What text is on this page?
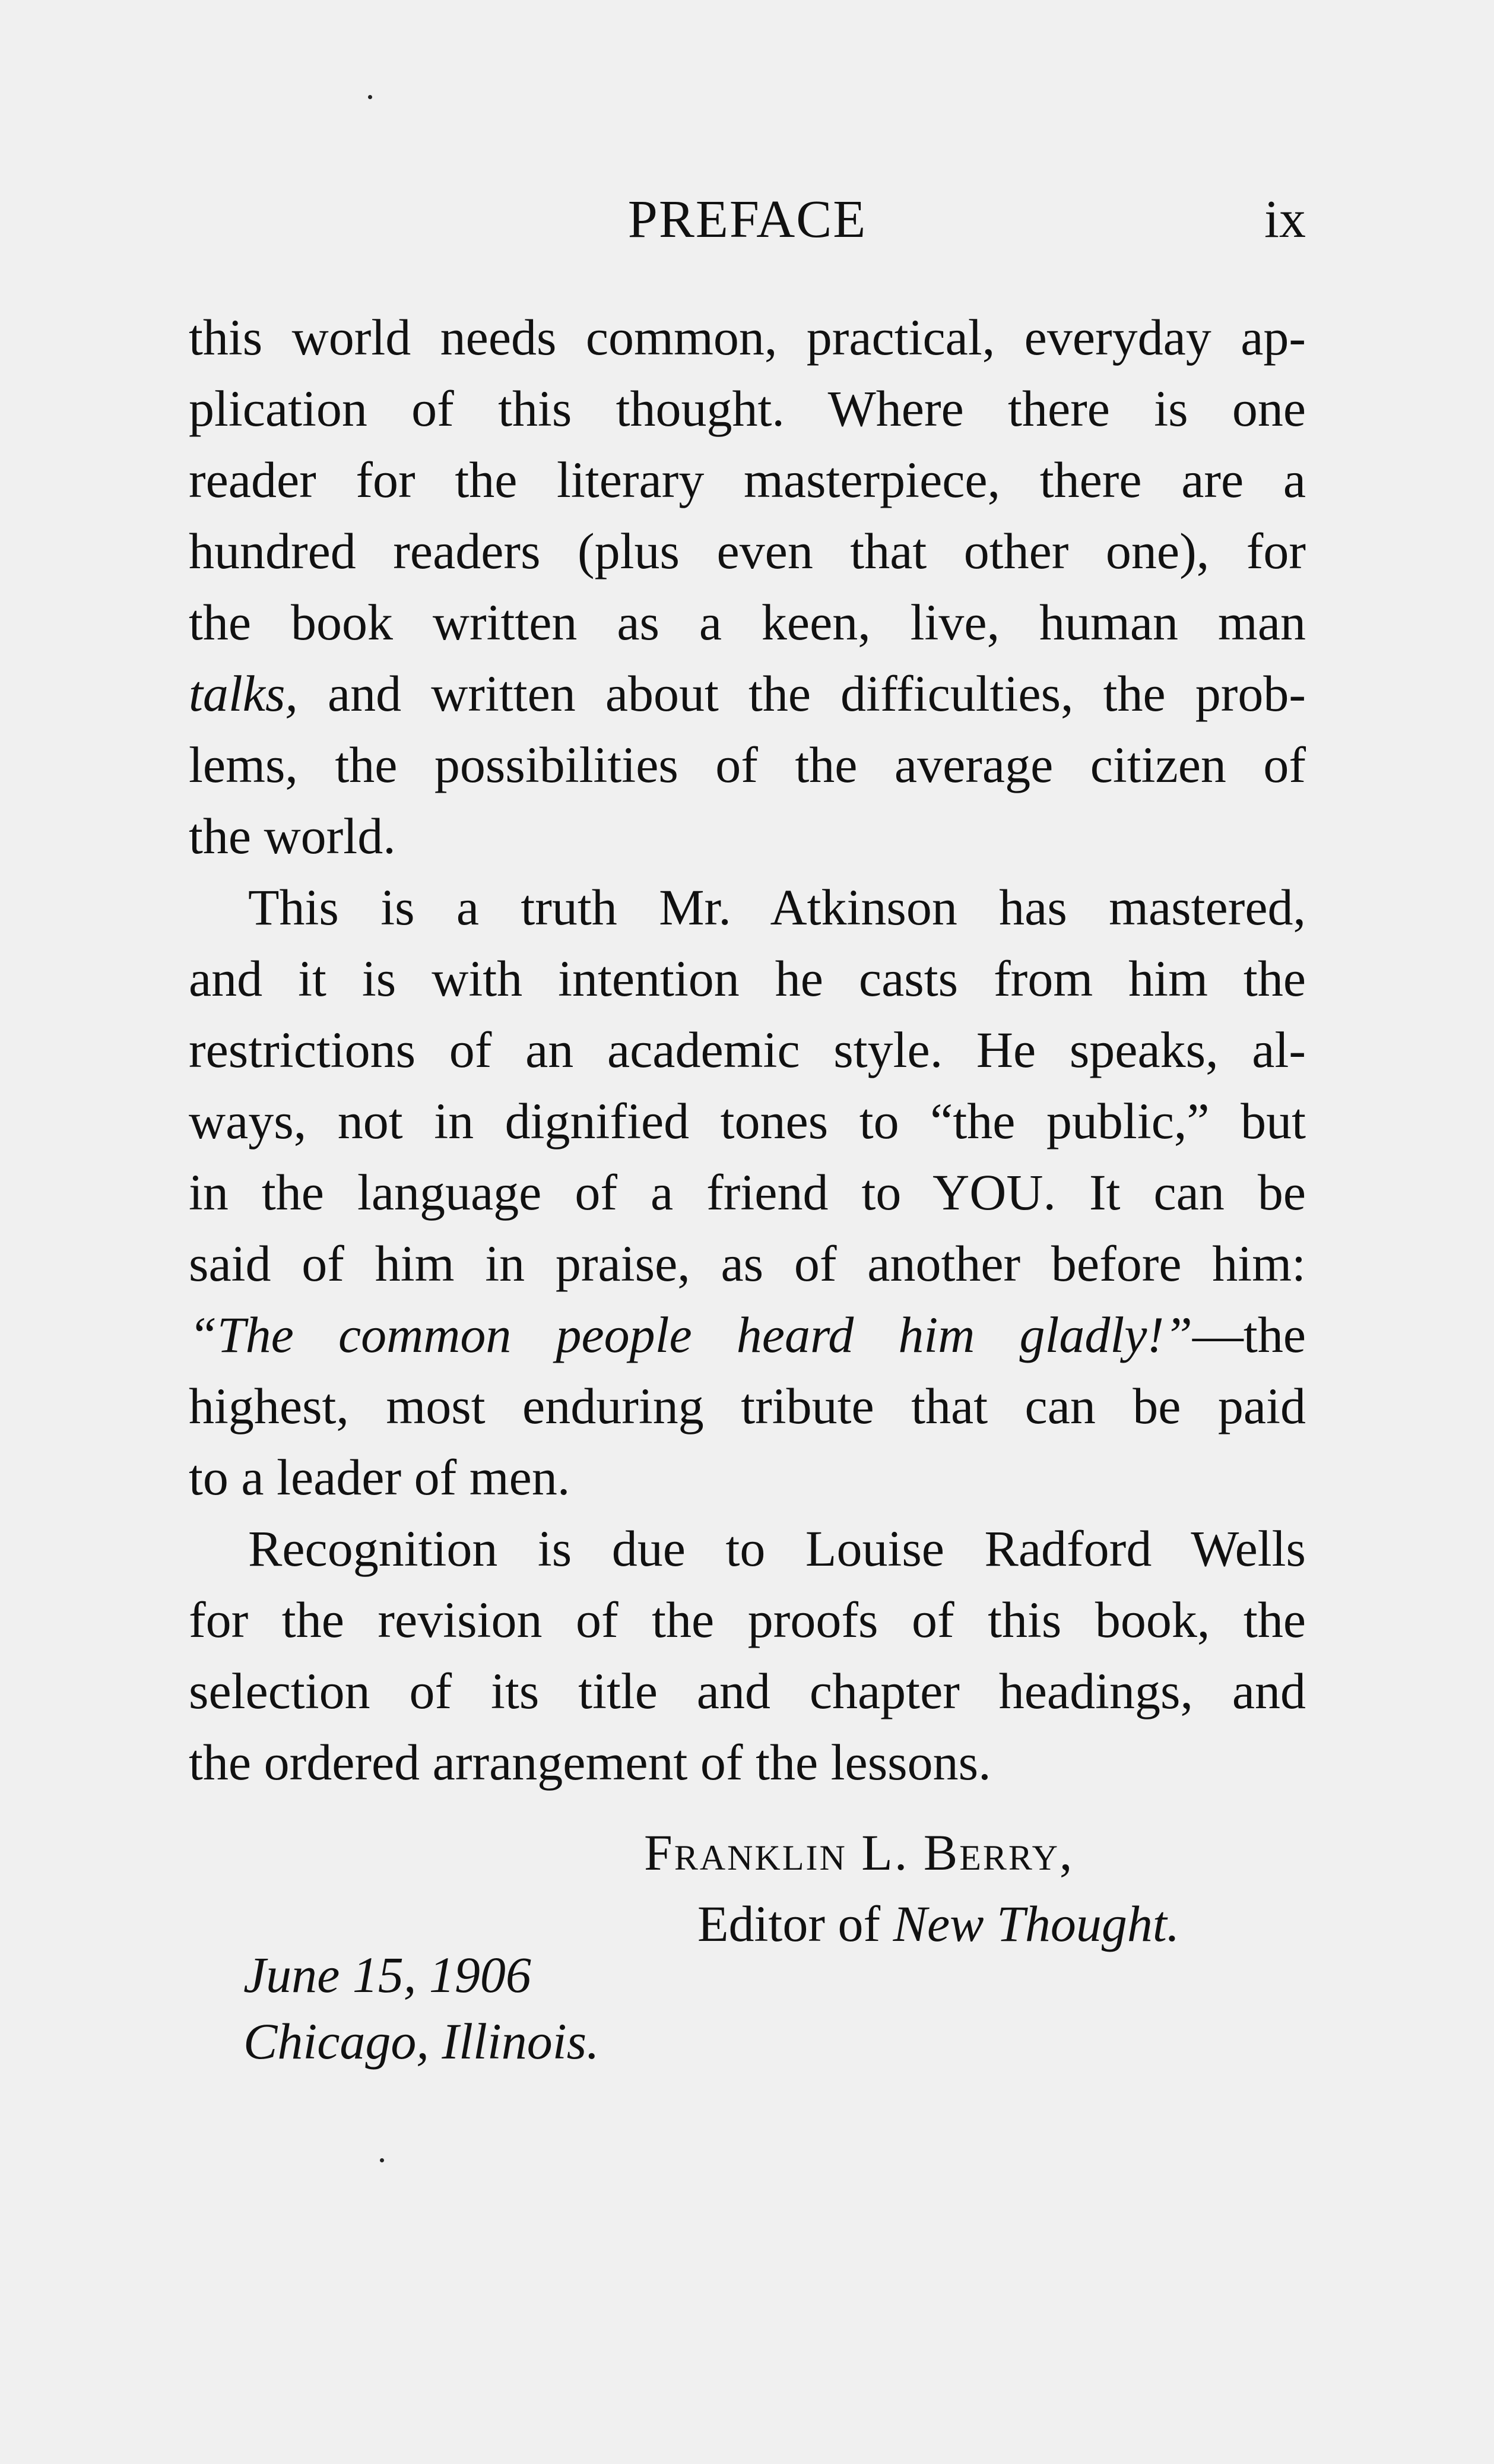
PREFACE	ix
this world needs common, practical, everyday ap-
plication of this thought. Where there is one
reader for the literary masterpiece, there are a
hundred readers (plus even that other one), for
the book written as a keen, live, human man
talks, and written about the difficulties, the prob-
lems, the possibilities of the average citizen of
the world.
This is a truth Mr. Atkinson has mastered,
and it is with intention he casts from him the
restrictions of an academic style. He speaks, al-
ways, not in dignified tones to “the public,” but
in the language of a friend to YOU. It can be
said of him in praise, as of another before him:
“The common people heard him gladly!”—the
highest, most enduring tribute that can be paid
to a leader of men.
Recognition is due to Louise Radford Wells
for the revision of the proofs of this book, the
selection of its title and chapter headings, and
the ordered arrangement of the lessons.
Franklin L. Berry,
Editor of New Thought.
June 15, 1906
Chicago, Illinois.
